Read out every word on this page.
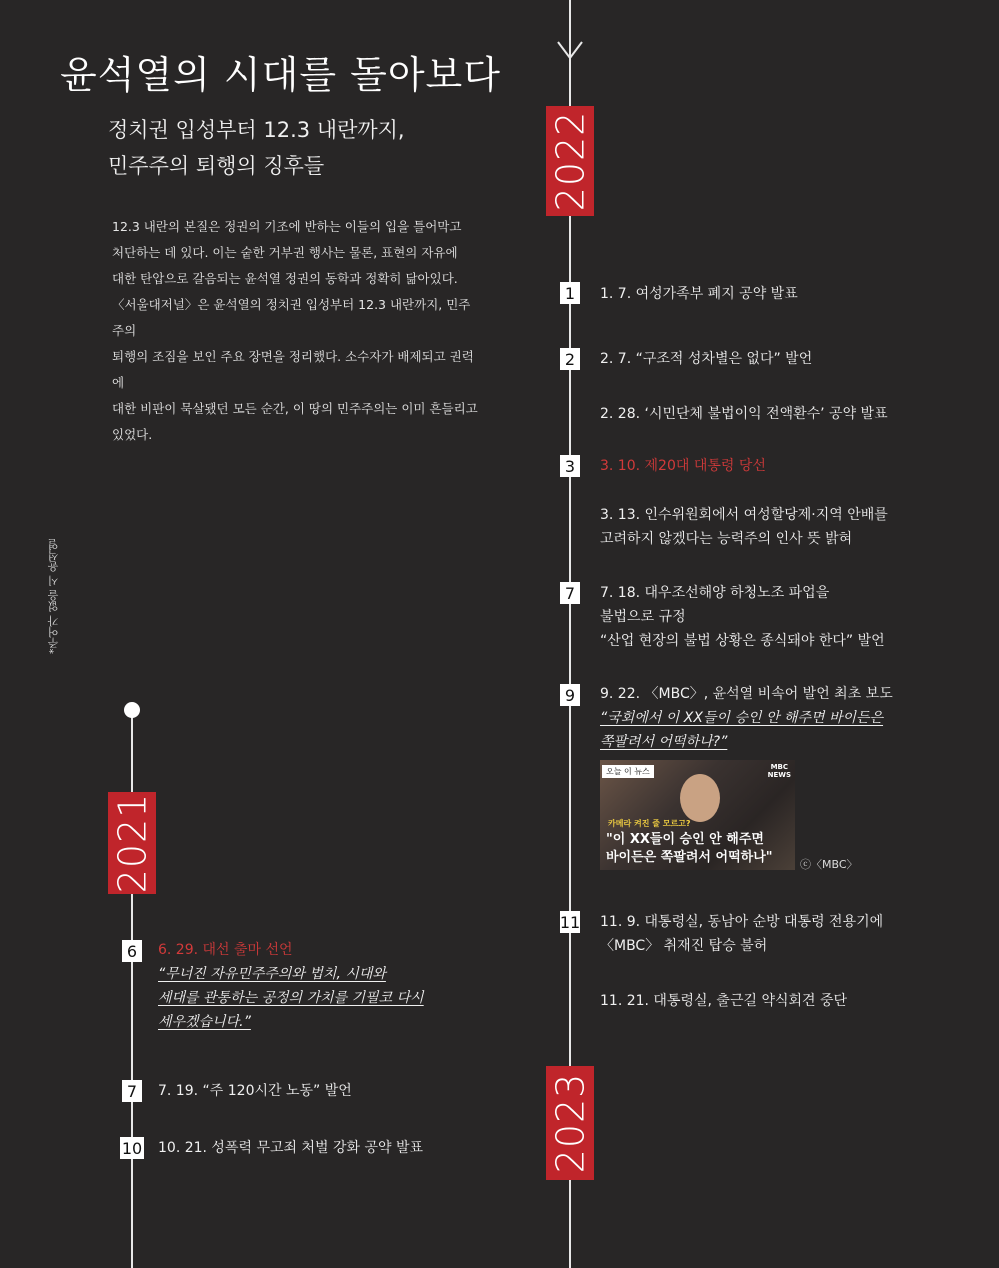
윤석열의 시대를 돌아보다
정치권 입성부터 12.3 내란까지,
민주주의 퇴행의 징후들
12.3 내란의 본질은 정권의 기조에 반하는 이들의 입을 틀어막고
처단하는 데 있다. 이는 숱한 거부권 행사는 물론, 표현의 자유에
대한 탄압으로 갈음되는 윤석열 정권의 동학과 정확히 닮아있다.
〈서울대저널〉은 윤석열의 정치권 입성부터 12.3 내란까지, 민주주의
퇴행의 조짐을 보인 주요 장면을 정리했다. 소수자가 배제되고 권력에
대한 비판이 묵살됐던 모든 순간, 이 땅의 민주주의는 이미 흔들리고
있었다.
*주어가 없을 시 윤석열
2022
2023
1	1. 7. 여성가족부 폐지 공약 발표
2	2. 7. “구조적 성차별은 없다” 발언
2. 28. ‘시민단체 불법이익 전액환수’ 공약 발표
3	3. 10. 제20대 대통령 당선
3. 13. 인수위원회에서 여성할당제·지역 안배를
고려하지 않겠다는 능력주의 인사 뜻 밝혀
7	7. 18. 대우조선해양 하청노조 파업을
불법으로 규정
“산업 현장의 불법 상황은 종식돼야 한다” 발언
9	9. 22. 〈MBC〉, 윤석열 비속어 발언 최초 보도
“국회에서 이 XX들이 승인 안 해주면 바이든은
쪽팔려서 어떡하나?”
오늘 이 뉴스	MBC
NEWS
카메라 켜진 줄 모르고?
"이 XX들이 승인 안 해주면
바이든은 쪽팔려서 어떡하나" ⓒ〈MBC〉
11 11. 9. 대통령실, 동남아 순방 대통령 전용기에
〈MBC〉 취재진 탑승 불허
11. 21. 대통령실, 출근길 약식회견 중단
2021
6	6. 29. 대선 출마 선언
“무너진 자유민주주의와 법치, 시대와
세대를 관통하는 공정의 가치를 기필코 다시
세우겠습니다.”
7	7. 19. “주 120시간 노동” 발언
10 10. 21. 성폭력 무고죄 처벌 강화 공약 발표
